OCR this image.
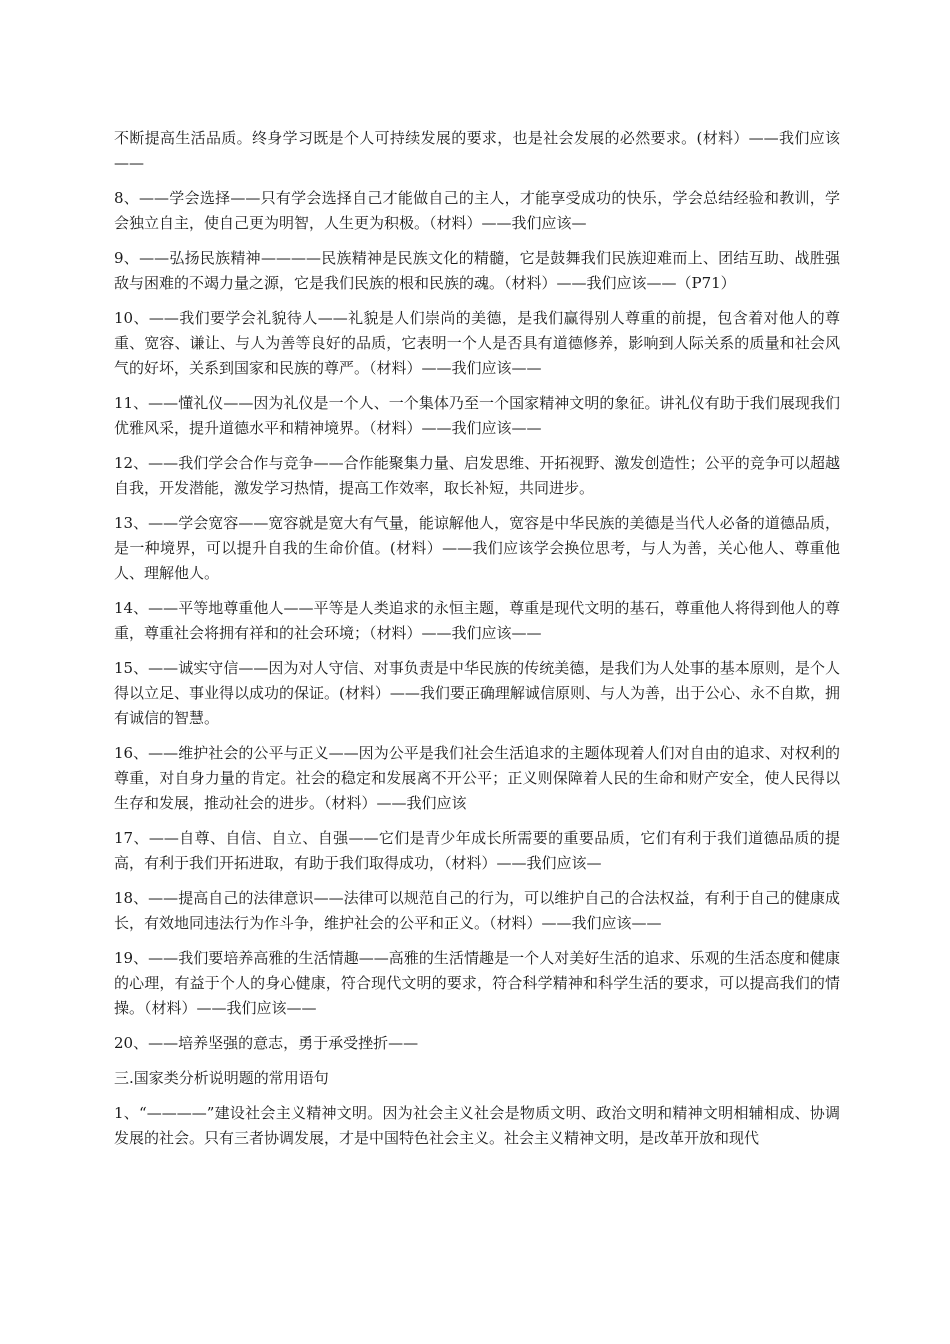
不断提高生活品质。终身学习既是个人可持续发展的要求，也是社会发展的必然要求。(材料）——我们应该——

8、——学会选择——只有学会选择自己才能做自己的主人，才能享受成功的快乐，学会总结经验和教训，学会独立自主，使自己更为明智，人生更为积极。（材料）——我们应该—

9、——弘扬民族精神————民族精神是民族文化的精髓，它是鼓舞我们民族迎难而上、团结互助、战胜强敌与困难的不竭力量之源，它是我们民族的根和民族的魂。（材料）——我们应该——（P71）

10、——我们要学会礼貌待人——礼貌是人们崇尚的美德，是我们赢得别人尊重的前提，包含着对他人的尊重、宽容、谦让、与人为善等良好的品质，它表明一个人是否具有道德修养，影响到人际关系的质量和社会风气的好坏，关系到国家和民族的尊严。（材料）——我们应该——

11、——懂礼仪——因为礼仪是一个人、一个集体乃至一个国家精神文明的象征。讲礼仪有助于我们展现我们优雅风采，提升道德水平和精神境界。（材料）——我们应该——

12、——我们学会合作与竞争——合作能聚集力量、启发思维、开拓视野、激发创造性；公平的竞争可以超越自我，开发潜能，激发学习热情，提高工作效率，取长补短，共同进步。

13、——学会宽容——宽容就是宽大有气量，能谅解他人，宽容是中华民族的美德是当代人必备的道德品质，是一种境界，可以提升自我的生命价值。(材料）——我们应该学会换位思考，与人为善，关心他人、尊重他人、理解他人。

14、——平等地尊重他人——平等是人类追求的永恒主题，尊重是现代文明的基石，尊重他人将得到他人的尊重，尊重社会将拥有祥和的社会环境；（材料）——我们应该——

15、——诚实守信——因为对人守信、对事负责是中华民族的传统美德，是我们为人处事的基本原则，是个人得以立足、事业得以成功的保证。(材料）——我们要正确理解诚信原则、与人为善，出于公心、永不自欺，拥有诚信的智慧。

16、——维护社会的公平与正义——因为公平是我们社会生活追求的主题体现着人们对自由的追求、对权利的尊重，对自身力量的肯定。社会的稳定和发展离不开公平；正义则保障着人民的生命和财产安全，使人民得以生存和发展，推动社会的进步。（材料）——我们应该

17、——自尊、自信、自立、自强——它们是青少年成长所需要的重要品质，它们有利于我们道德品质的提高，有利于我们开拓进取，有助于我们取得成功，（材料）——我们应该—

18、——提高自己的法律意识——法律可以规范自己的行为，可以维护自己的合法权益，有利于自己的健康成长，有效地同违法行为作斗争，维护社会的公平和正义。（材料）——我们应该——

19、——我们要培养高雅的生活情趣——高雅的生活情趣是一个人对美好生活的追求、乐观的生活态度和健康的心理，有益于个人的身心健康，符合现代文明的要求，符合科学精神和科学生活的要求，可以提高我们的情操。（材料）——我们应该——

20、——培养坚强的意志，勇于承受挫折——

三.国家类分析说明题的常用语句

1、“————”建设社会主义精神文明。因为社会主义社会是物质文明、政治文明和精神文明相辅相成、协调发展的社会。只有三者协调发展，才是中国特色社会主义。社会主义精神文明，是改革开放和现代
